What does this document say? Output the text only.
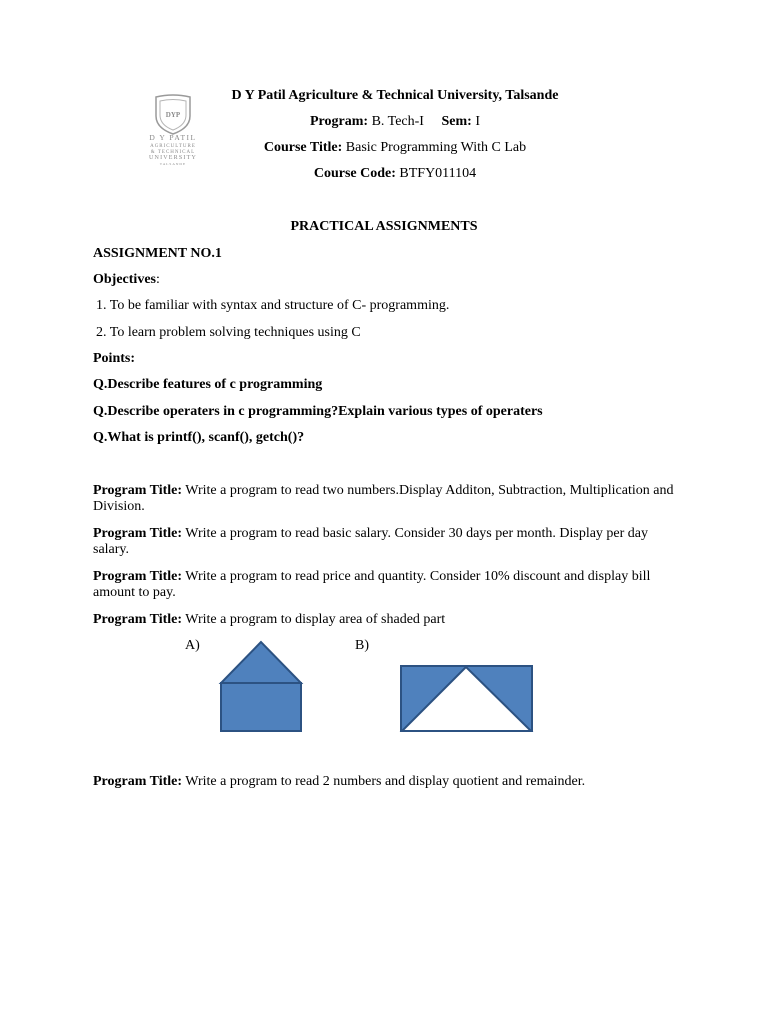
DYP
D Y PATIL
AGRICULTURE
& TECHNICAL
UNIVERSITY
TALSANDE
D Y Patil Agriculture & Technical University, Talsande
Program: B. Tech-I Sem: I
Course Title: Basic Programming With C Lab
Course Code: BTFY011104
PRACTICAL ASSIGNMENTS
ASSIGNMENT NO.1
Objectives:
1. To be familiar with syntax and structure of C- programming.
2. To learn problem solving techniques using C
Points:
Q.Describe features of c programming
Q.Describe operaters in c programming?Explain various types of operaters
Q.What is printf(), scanf(), getch()?
Program Title: Write a program to read two numbers.Display Additon, Subtraction, Multiplication and Division.
Program Title: Write a program to read basic salary. Consider 30 days per month. Display per day salary.
Program Title: Write a program to read price and quantity. Consider 10% discount and display bill amount to pay.
Program Title: Write a program to display area of shaded part
A)	B)
Program Title: Write a program to read 2 numbers and display quotient and remainder.
